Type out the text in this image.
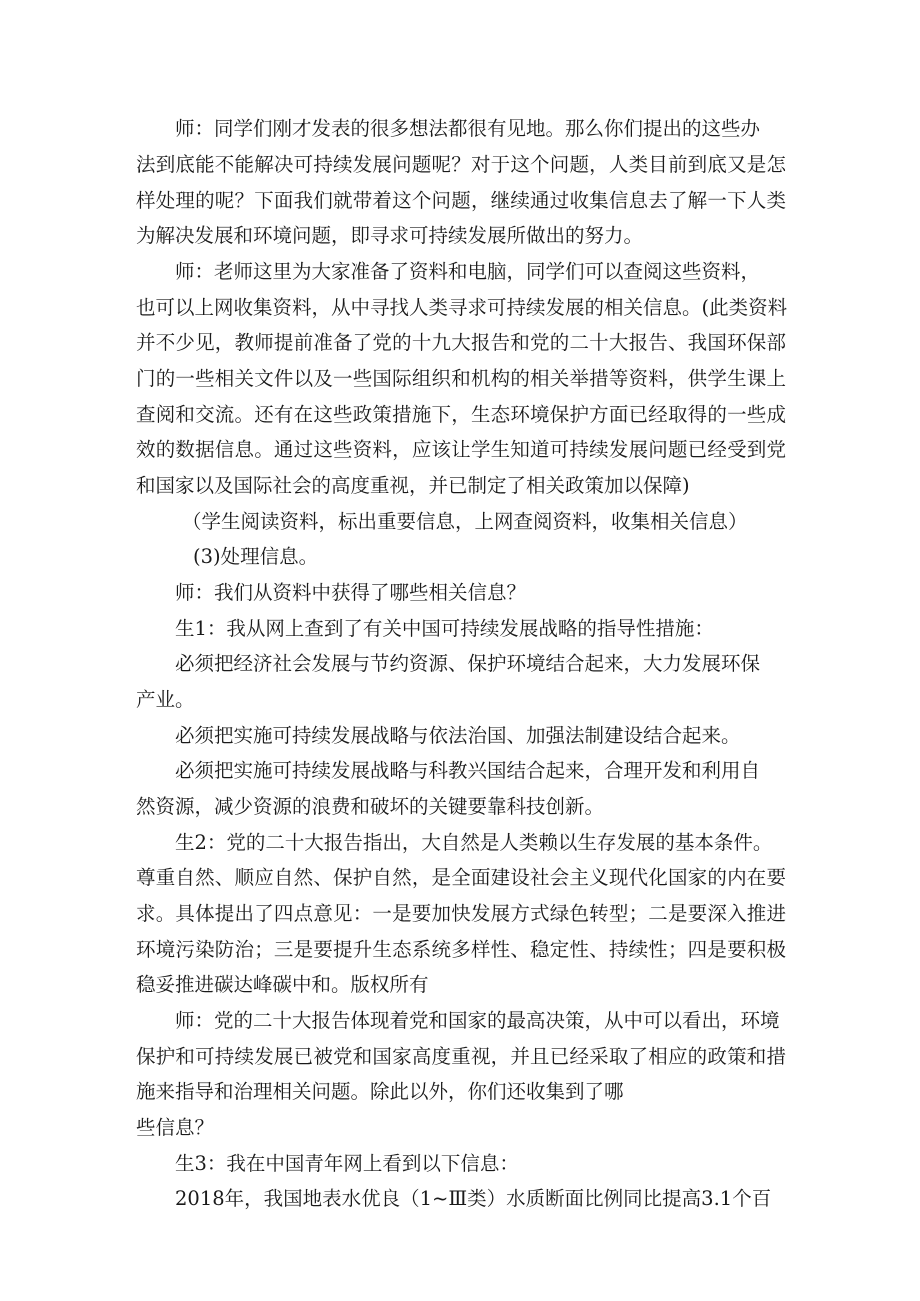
师：同学们刚才发表的很多想法都很有见地。那么你们提出的这些办
法到底能不能解决可持续发展问题呢？对于这个问题，人类目前到底又是怎
样处理的呢？下面我们就带着这个问题，继续通过收集信息去了解一下人类
为解决发展和环境问题，即寻求可持续发展所做出的努力。
师：老师这里为大家准备了资料和电脑，同学们可以查阅这些资料，
也可以上网收集资料，从中寻找人类寻求可持续发展的相关信息。(此类资料
并不少见，教师提前准备了党的十九大报告和党的二十大报告、我国环保部
门的一些相关文件以及一些国际组织和机构的相关举措等资料，供学生课上
查阅和交流。还有在这些政策措施下，生态环境保护方面已经取得的一些成
效的数据信息。通过这些资料，应该让学生知道可持续发展问题已经受到党
和国家以及国际社会的高度重视，并已制定了相关政策加以保障)
（学生阅读资料，标出重要信息，上网查阅资料，收集相关信息）
(3)处理信息。
师：我们从资料中获得了哪些相关信息？
生1：我从网上查到了有关中国可持续发展战略的指导性措施：
必须把经济社会发展与节约资源、保护环境结合起来，大力发展环保
产业。
必须把实施可持续发展战略与依法治国、加强法制建设结合起来。
必须把实施可持续发展战略与科教兴国结合起来，合理开发和利用自
然资源，减少资源的浪费和破坏的关键要靠科技创新。
生2：党的二十大报告指出，大自然是人类赖以生存发展的基本条件。
尊重自然、顺应自然、保护自然，是全面建设社会主义现代化国家的内在要
求。具体提出了四点意见：一是要加快发展方式绿色转型；二是要深入推进
环境污染防治；三是要提升生态系统多样性、稳定性、持续性；四是要积极
稳妥推进碳达峰碳中和。版权所有
师：党的二十大报告体现着党和国家的最高决策，从中可以看出，环境
保护和可持续发展已被党和国家高度重视，并且已经采取了相应的政策和措
施来指导和治理相关问题。除此以外，你们还收集到了哪
些信息？
生3：我在中国青年网上看到以下信息：
2018年，我国地表水优良（1~Ⅲ类）水质断面比例同比提高3.1个百
